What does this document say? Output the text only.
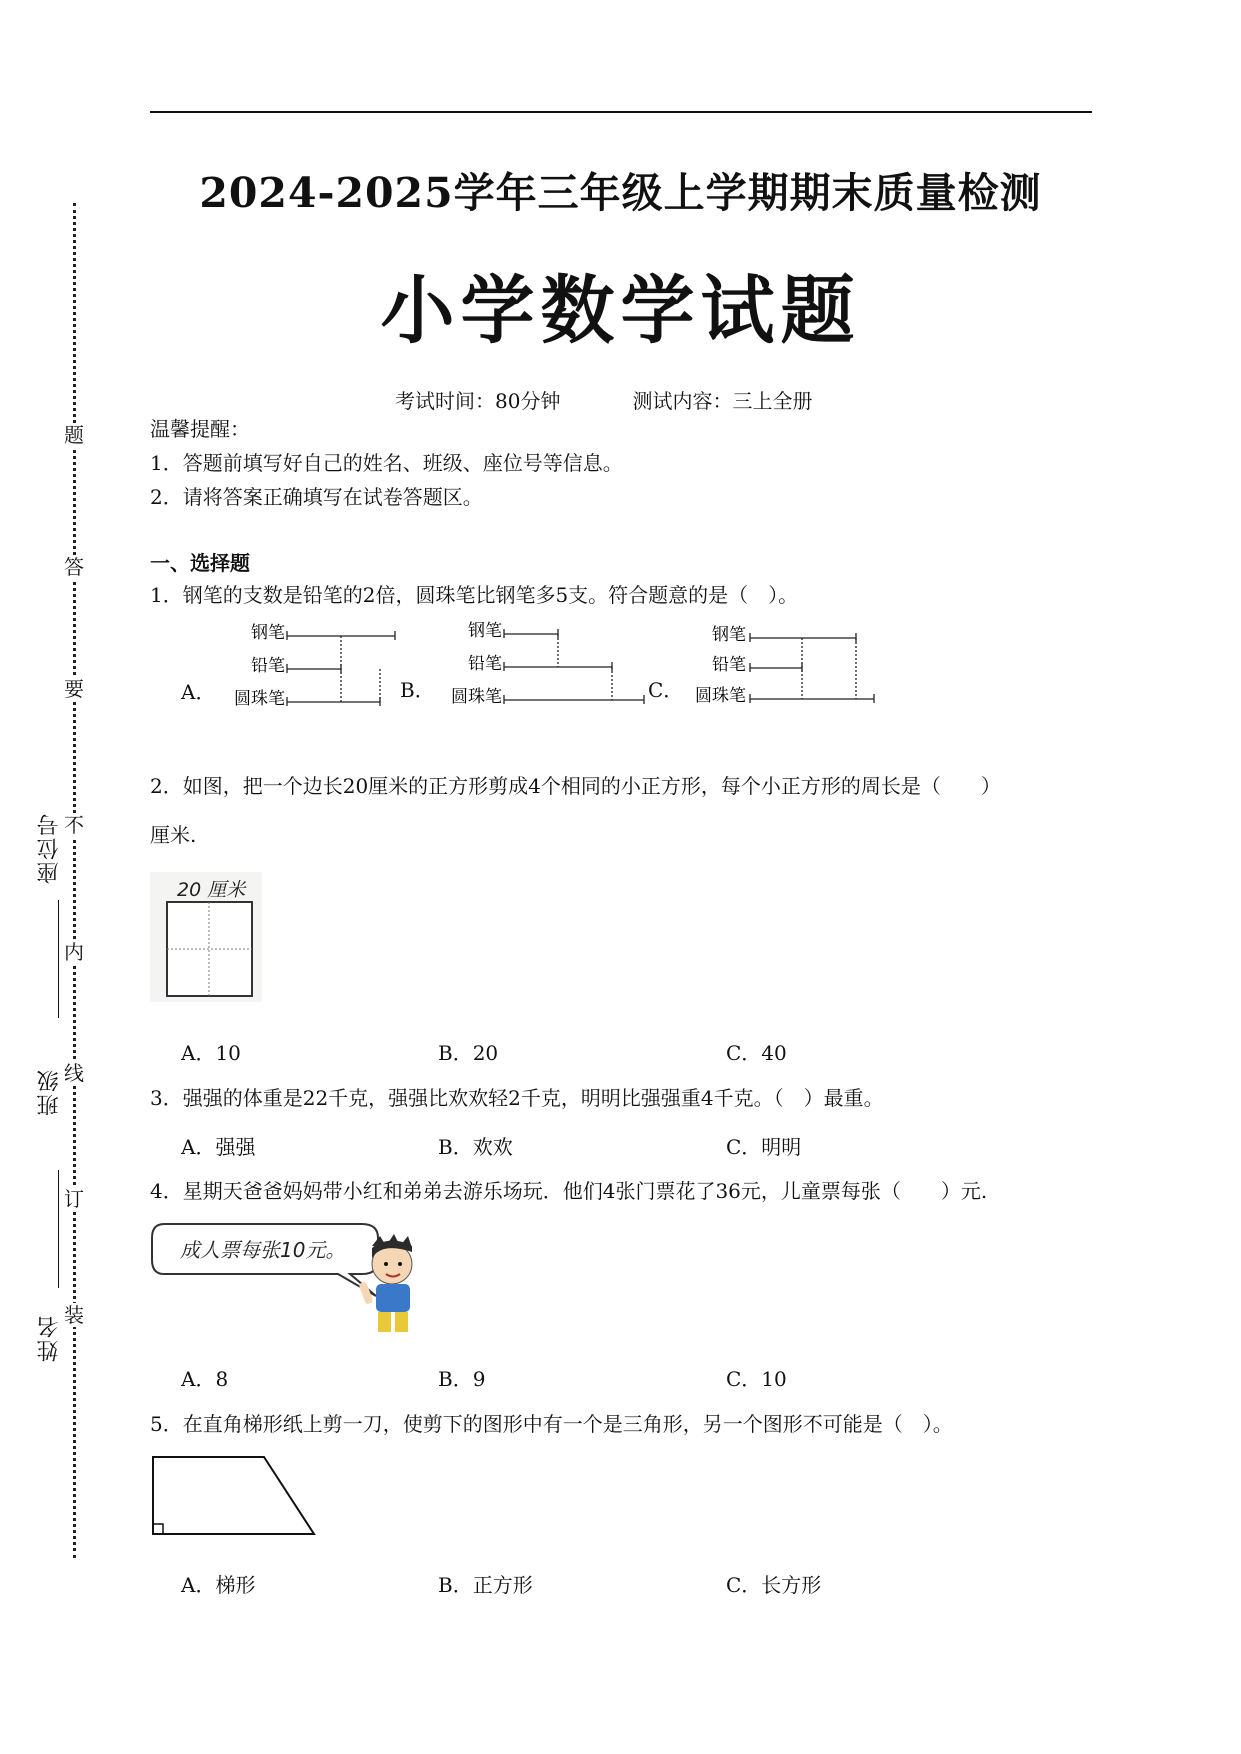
题
答
要
不
内
线
订
装
座位号
班级
姓名
2024-2025学年三年级上学期期末质量检测
小学数学试题
考试时间：80分钟	测试内容：三上全册
温馨提醒：
1．答题前填写好自己的姓名、班级、座位号等信息。
2．请将答案正确填写在试卷答题区。
一、选择题
1．钢笔的支数是铅笔的2倍，圆珠笔比钢笔多5支。符合题意的是（　）。
A．	B．	C．
钢笔
铅笔
圆珠笔
钢笔
铅笔
圆珠笔
钢笔
铅笔
圆珠笔
2．如图，把一个边长20厘米的正方形剪成4个相同的小正方形，每个小正方形的周长是（　　）
厘米.
20 厘米
A．10	B．20	C．40
3．强强的体重是22千克，强强比欢欢轻2千克，明明比强强重4千克。（　）最重。
A．强强	B．欢欢	C．明明
4．星期天爸爸妈妈带小红和弟弟去游乐场玩．他们4张门票花了36元，儿童票每张（　　）元.
成人票每张10元。
A．8	B．9	C．10
5．在直角梯形纸上剪一刀，使剪下的图形中有一个是三角形，另一个图形不可能是（　）。
A．梯形	B．正方形	C．长方形
